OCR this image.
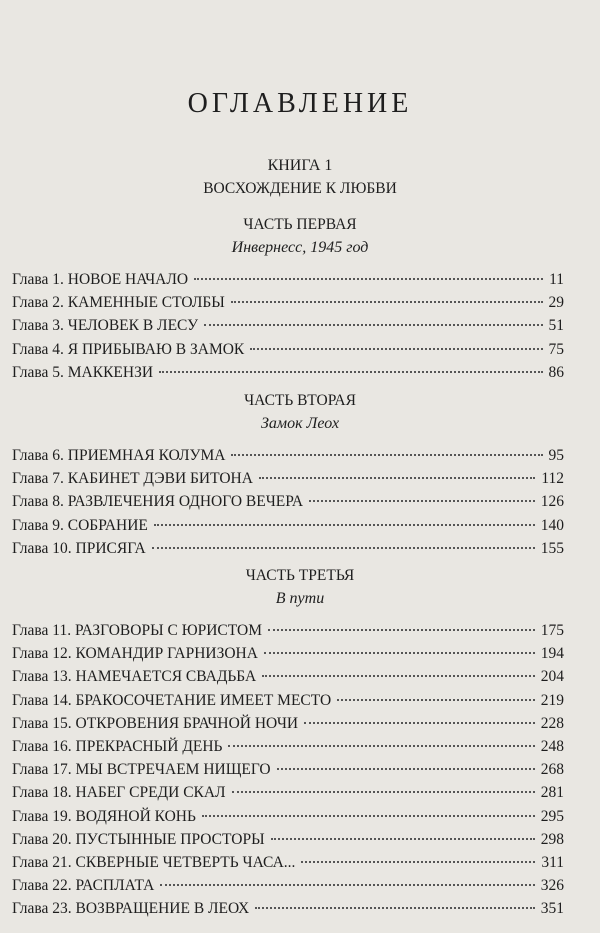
ОГЛАВЛЕНИЕ
КНИГА 1
ВОСХОЖДЕНИЕ К ЛЮБВИ
ЧАСТЬ ПЕРВАЯ
Инвернесс, 1945 год
Глава 1. НОВОЕ НАЧАЛО	11
Глава 2. КАМЕННЫЕ СТОЛБЫ	29
Глава 3. ЧЕЛОВЕК В ЛЕСУ	51
Глава 4. Я ПРИБЫВАЮ В ЗАМОК	75
Глава 5. МАККЕНЗИ	86
ЧАСТЬ ВТОРАЯ
Замок Леох
Глава 6. ПРИЕМНАЯ КОЛУМА	95
Глава 7. КАБИНЕТ ДЭВИ БИТОНА	112
Глава 8. РАЗВЛЕЧЕНИЯ ОДНОГО ВЕЧЕРА	126
Глава 9. СОБРАНИЕ	140
Глава 10. ПРИСЯГА	155
ЧАСТЬ ТРЕТЬЯ
В пути
Глава 11. РАЗГОВОРЫ С ЮРИСТОМ	175
Глава 12. КОМАНДИР ГАРНИЗОНА	194
Глава 13. НАМЕЧАЕТСЯ СВАДЬБА	204
Глава 14. БРАКОСОЧЕТАНИЕ ИМЕЕТ МЕСТО	219
Глава 15. ОТКРОВЕНИЯ БРАЧНОЙ НОЧИ	228
Глава 16. ПРЕКРАСНЫЙ ДЕНЬ	248
Глава 17. МЫ ВСТРЕЧАЕМ НИЩЕГО	268
Глава 18. НАБЕГ СРЕДИ СКАЛ	281
Глава 19. ВОДЯНОЙ КОНЬ	295
Глава 20. ПУСТЫННЫЕ ПРОСТОРЫ	298
Глава 21. СКВЕРНЫЕ ЧЕТВЕРТЬ ЧАСА...	311
Глава 22. РАСПЛАТА	326
Глава 23. ВОЗВРАЩЕНИЕ В ЛЕОХ	351
